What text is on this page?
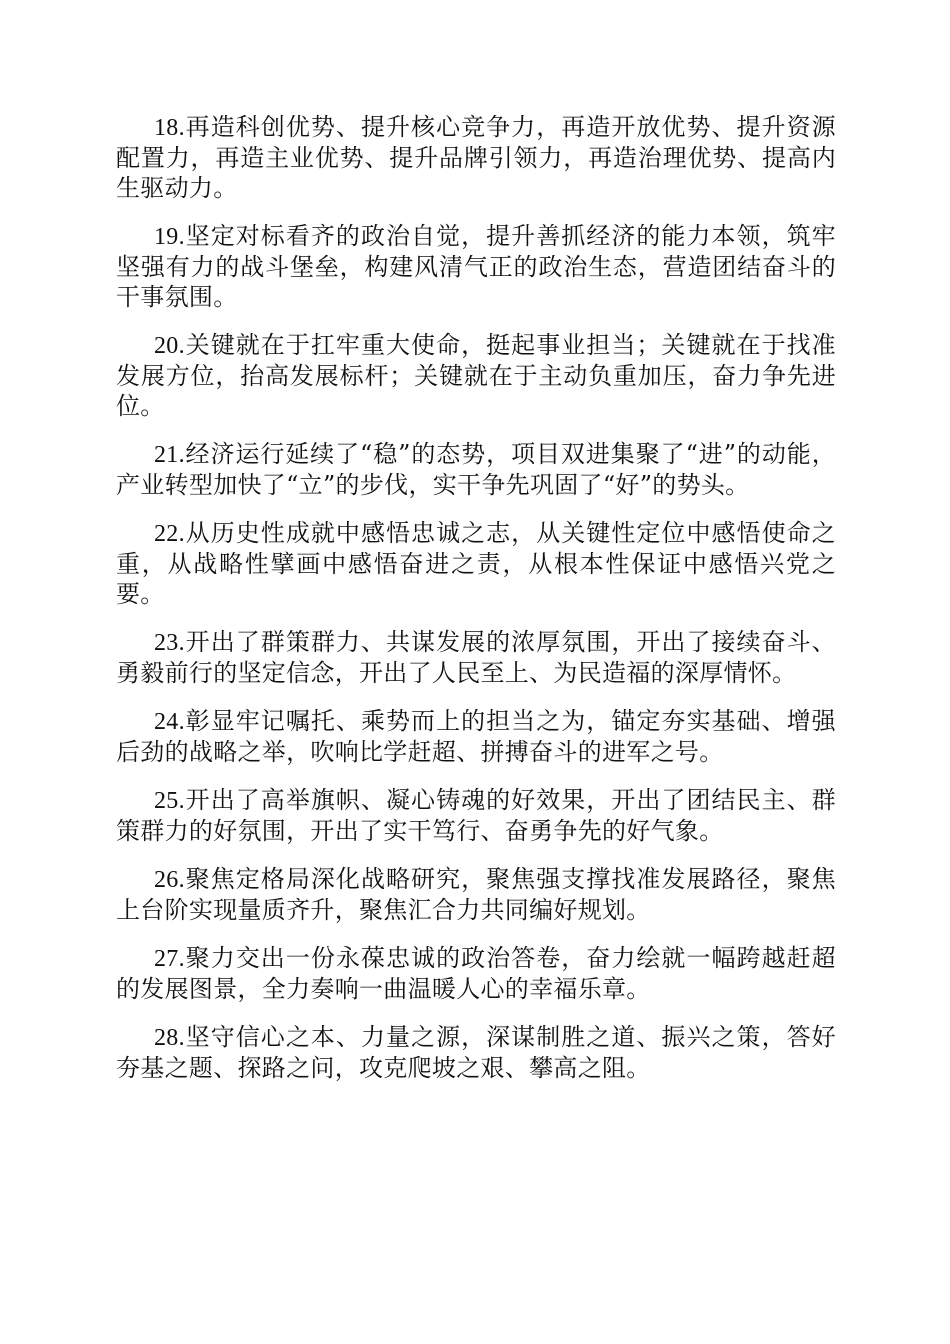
18.再造科创优势、提升核心竞争力，再造开放优势、提升资源配置力，再造主业优势、提升品牌引领力，再造治理优势、提高内生驱动力。

19.坚定对标看齐的政治自觉，提升善抓经济的能力本领，筑牢坚强有力的战斗堡垒，构建风清气正的政治生态，营造团结奋斗的干事氛围。

20.关键就在于扛牢重大使命，挺起事业担当；关键就在于找准发展方位，抬高发展标杆；关键就在于主动负重加压，奋力争先进位。

21.经济运行延续了“稳”的态势，项目双进集聚了“进”的动能，产业转型加快了“立”的步伐，实干争先巩固了“好”的势头。

22.从历史性成就中感悟忠诚之志，从关键性定位中感悟使命之重，从战略性擘画中感悟奋进之责，从根本性保证中感悟兴党之要。

23.开出了群策群力、共谋发展的浓厚氛围，开出了接续奋斗、勇毅前行的坚定信念，开出了人民至上、为民造福的深厚情怀。

24.彰显牢记嘱托、乘势而上的担当之为，锚定夯实基础、增强后劲的战略之举，吹响比学赶超、拼搏奋斗的进军之号。

25.开出了高举旗帜、凝心铸魂的好效果，开出了团结民主、群策群力的好氛围，开出了实干笃行、奋勇争先的好气象。

26.聚焦定格局深化战略研究，聚焦强支撑找准发展路径，聚焦上台阶实现量质齐升，聚焦汇合力共同编好规划。

27.聚力交出一份永葆忠诚的政治答卷，奋力绘就一幅跨越赶超的发展图景，全力奏响一曲温暖人心的幸福乐章。

28.坚守信心之本、力量之源，深谋制胜之道、振兴之策，答好夯基之题、探路之问，攻克爬坡之艰、攀高之阻。
